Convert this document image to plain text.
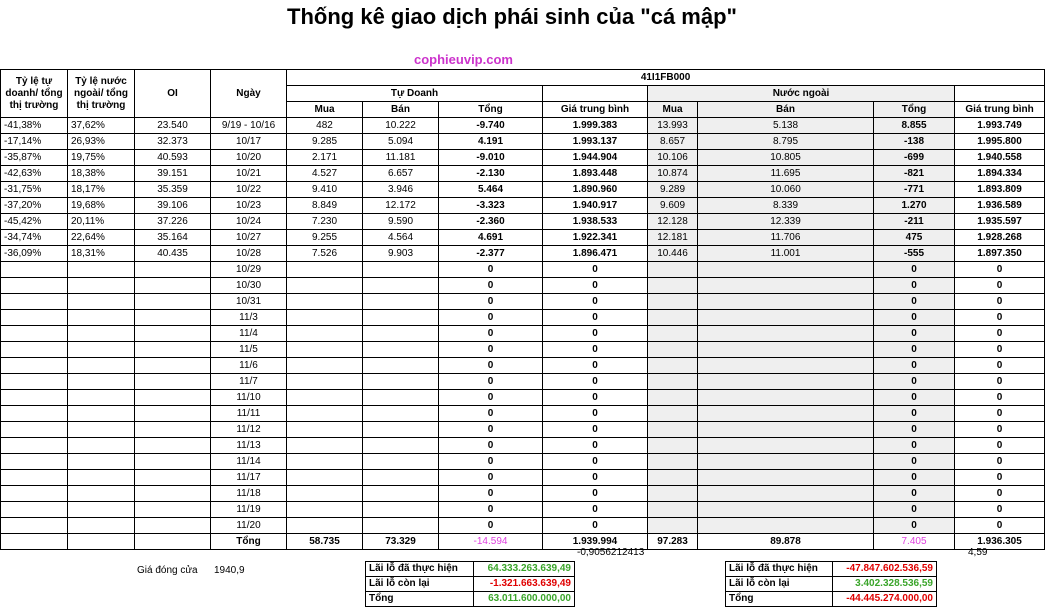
Thống kê giao dịch phái sinh của "cá mập"
cophieuvip.com
Tỷ lệ tự doanh/ tổng thị trường	Tỷ lệ nước ngoài/ tổng thị trường	OI	Ngày	41I1FB000							
				Tự Doanh				Nước ngoài			
				Mua	Bán	Tổng	Giá trung bình	Mua	Bán	Tổng	Giá trung bình
-41,38%	37,62%	23.540	9/19 - 10/16	482	10.222	-9.740	1.999.383	13.993	5.138	8.855	1.993.749
-17,14%	26,93%	32.373	10/17	9.285	5.094	4.191	1.993.137	8.657	8.795	-138	1.995.800
-35,87%	19,75%	40.593	10/20	2.171	11.181	-9.010	1.944.904	10.106	10.805	-699	1.940.558
-42,63%	18,38%	39.151	10/21	4.527	6.657	-2.130	1.893.448	10.874	11.695	-821	1.894.334
-31,75%	18,17%	35.359	10/22	9.410	3.946	5.464	1.890.960	9.289	10.060	-771	1.893.809
-37,20%	19,68%	39.106	10/23	8.849	12.172	-3.323	1.940.917	9.609	8.339	1.270	1.936.589
-45,42%	20,11%	37.226	10/24	7.230	9.590	-2.360	1.938.533	12.128	12.339	-211	1.935.597
-34,74%	22,64%	35.164	10/27	9.255	4.564	4.691	1.922.341	12.181	11.706	475	1.928.268
-36,09%	18,31%	40.435	10/28	7.526	9.903	-2.377	1.896.471	10.446	11.001	-555	1.897.350
			10/29			0	0			0	0
			10/30			0	0			0	0
			10/31			0	0			0	0
			11/3			0	0			0	0
			11/4			0	0			0	0
			11/5			0	0			0	0
			11/6			0	0			0	0
			11/7			0	0			0	0
			11/10			0	0			0	0
			11/11			0	0			0	0
			11/12			0	0			0	0
			11/13			0	0			0	0
			11/14			0	0			0	0
			11/17			0	0			0	0
			11/18			0	0			0	0
			11/19			0	0			0	0
			11/20			0	0			0	0
			Tổng	58.735	73.329	-14.594	1.939.994	97.283	89.878	7.405	1.936.305
-0,9056212413	4,59
Giá đóng cửa 1940,9	Lãi lỗ đã thực hiện	64.333.263.639,49
Lãi lỗ còn lại	-1.321.663.639,49
Tổng	63.011.600.000,00
Lãi lỗ đã thực hiện	-47.847.602.536,59
Lãi lỗ còn lại	3.402.328.536,59
Tổng	-44.445.274.000,00
